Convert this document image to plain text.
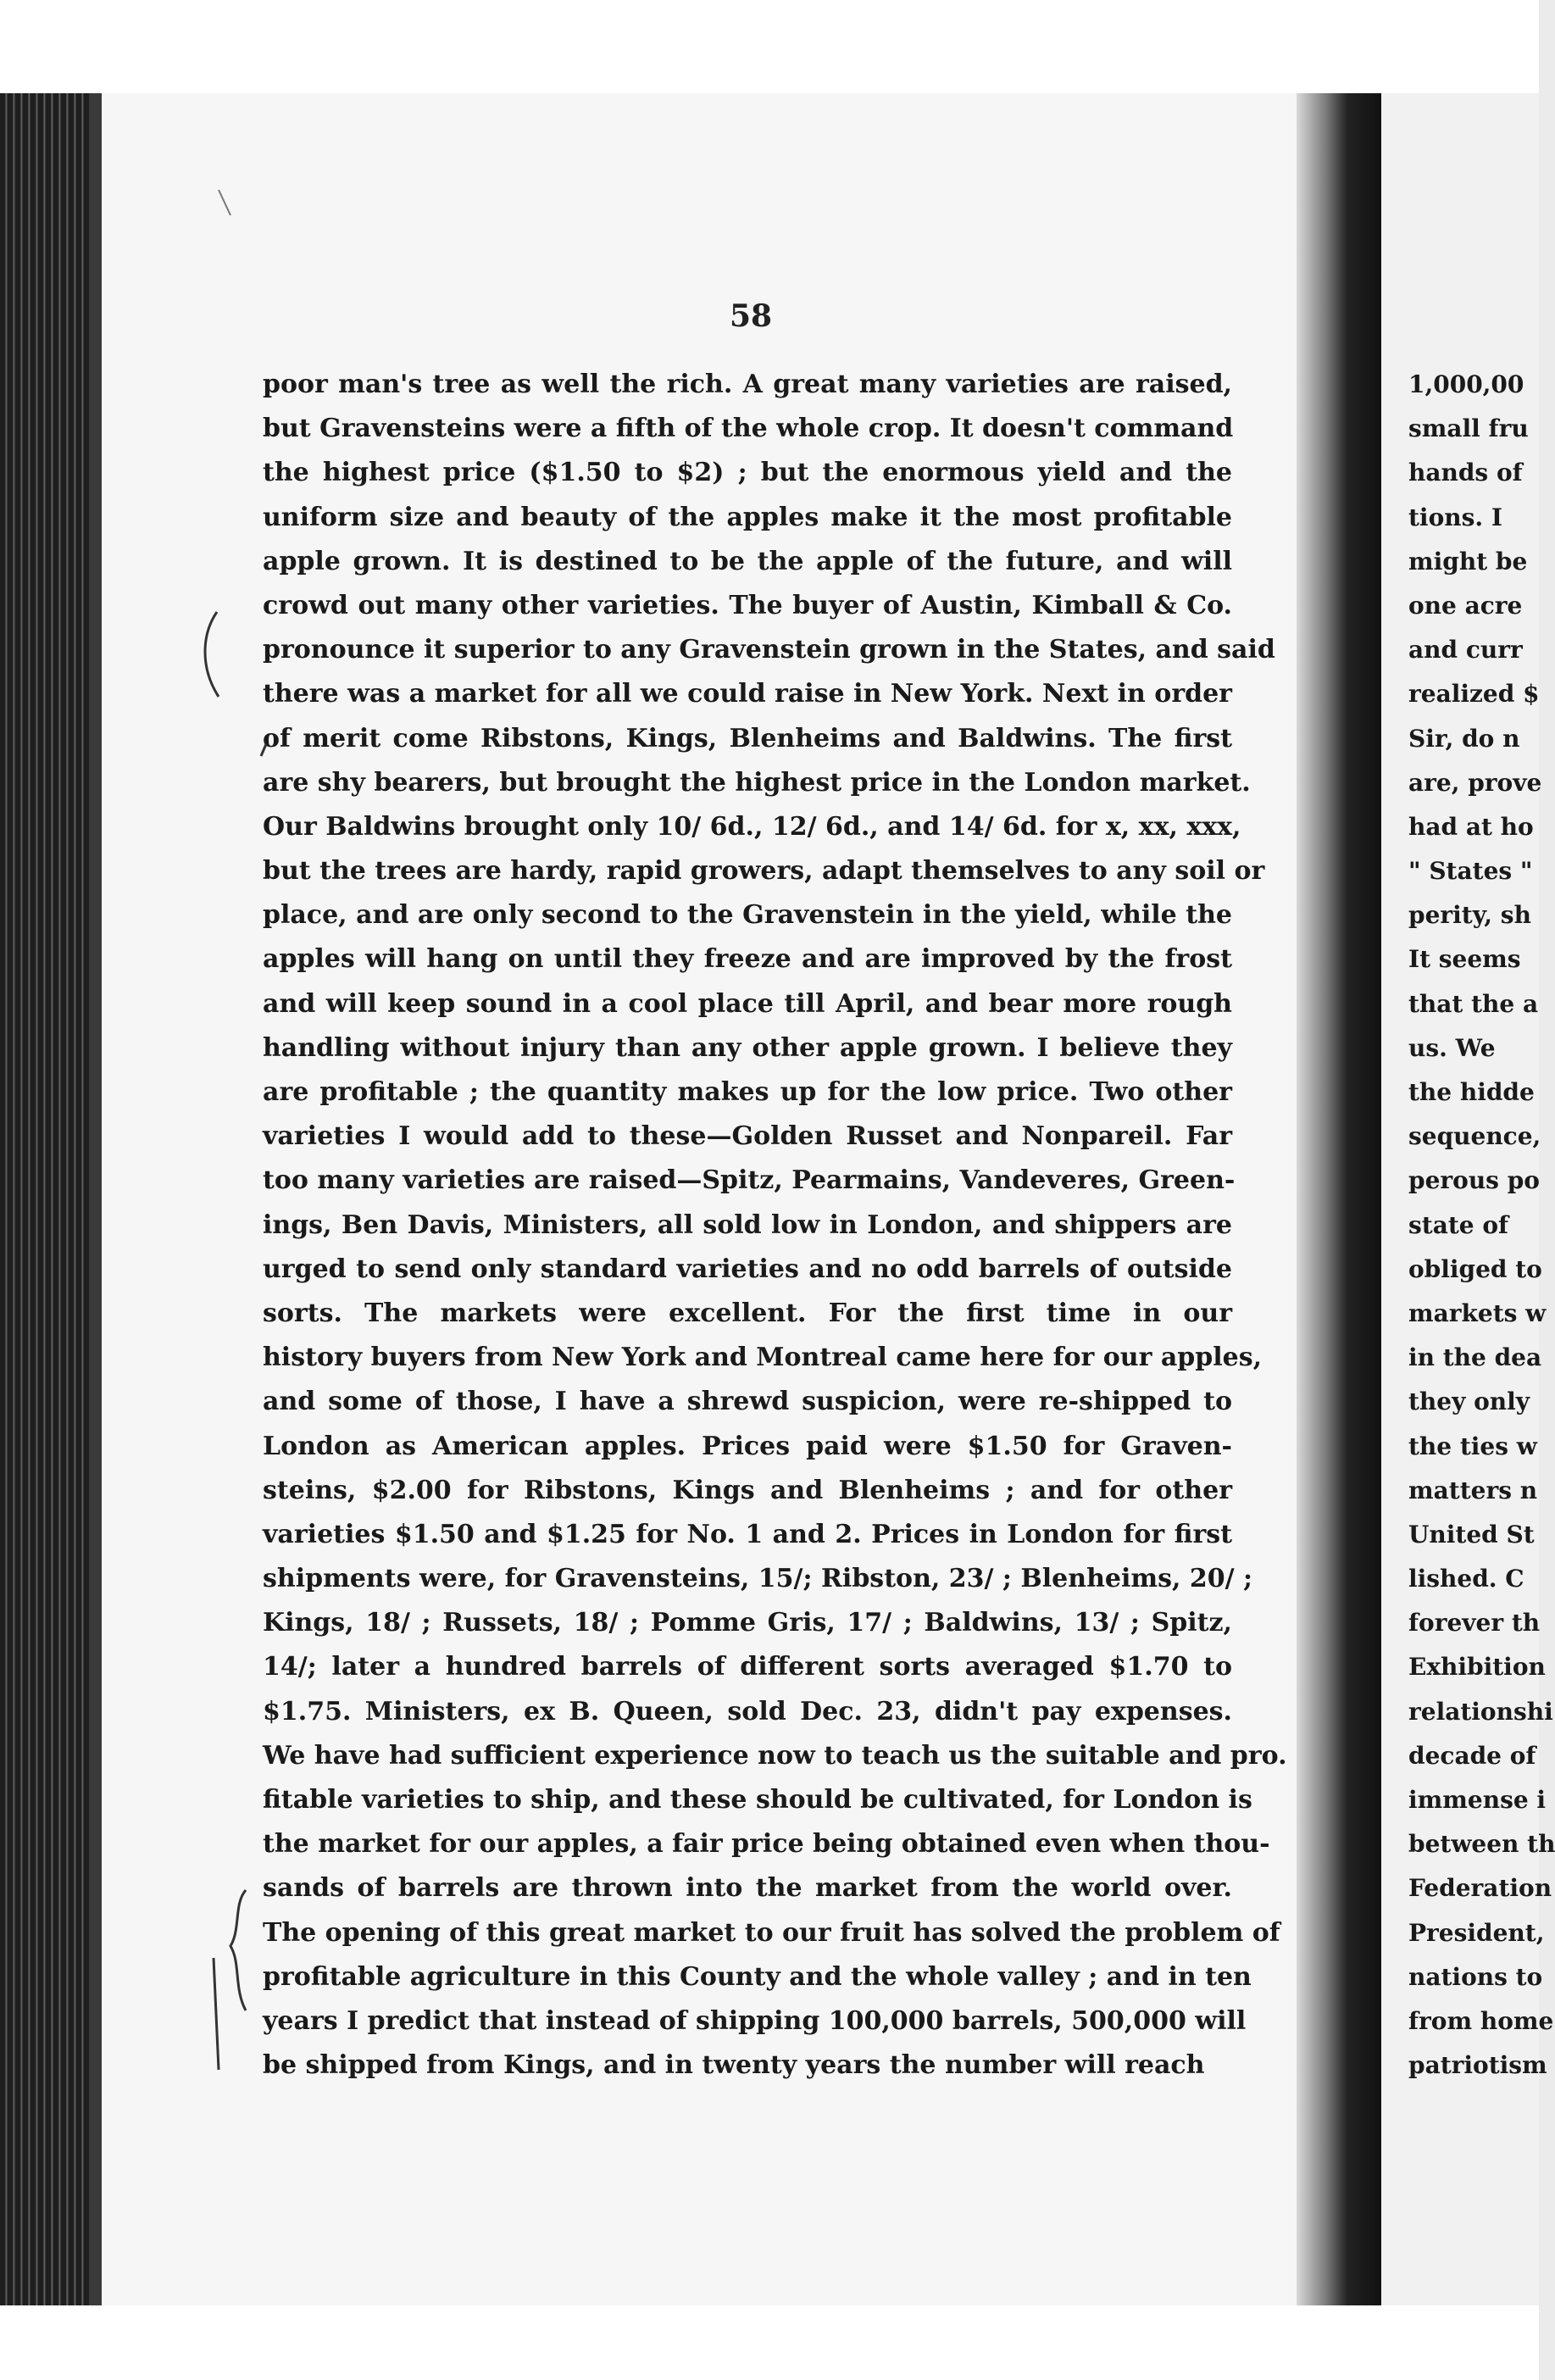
58
poor man's tree as well the rich. A great many varieties are raised,
but Gravensteins were a fifth of the whole crop. It doesn't command
the highest price ($1.50 to $2) ; but the enormous yield and the
uniform size and beauty of the apples make it the most profitable
apple grown. It is destined to be the apple of the future, and will
crowd out many other varieties. The buyer of Austin, Kimball & Co.
pronounce it superior to any Gravenstein grown in the States, and said
there was a market for all we could raise in New York. Next in order
of merit come Ribstons, Kings, Blenheims and Baldwins. The first
are shy bearers, but brought the highest price in the London market.
Our Baldwins brought only 10/ 6d., 12/ 6d., and 14/ 6d. for x, xx, xxx,
but the trees are hardy, rapid growers, adapt themselves to any soil or
place, and are only second to the Gravenstein in the yield, while the
apples will hang on until they freeze and are improved by the frost
and will keep sound in a cool place till April, and bear more rough
handling without injury than any other apple grown. I believe they
are profitable ; the quantity makes up for the low price. Two other
varieties I would add to these—Golden Russet and Nonpareil. Far
too many varieties are raised—Spitz, Pearmains, Vandeveres, Green-
ings, Ben Davis, Ministers, all sold low in London, and shippers are
urged to send only standard varieties and no odd barrels of outside
sorts. The markets were excellent. For the first time in our
history buyers from New York and Montreal came here for our apples,
and some of those, I have a shrewd suspicion, were re-shipped to
London as American apples. Prices paid were $1.50 for Graven-
steins, $2.00 for Ribstons, Kings and Blenheims ; and for other
varieties $1.50 and $1.25 for No. 1 and 2. Prices in London for first
shipments were, for Gravensteins, 15/; Ribston, 23/ ; Blenheims, 20/ ;
Kings, 18/ ; Russets, 18/ ; Pomme Gris, 17/ ; Baldwins, 13/ ; Spitz,
14/; later a hundred barrels of different sorts averaged $1.70 to
$1.75. Ministers, ex B. Queen, sold Dec. 23, didn't pay expenses.
We have had sufficient experience now to teach us the suitable and pro.
fitable varieties to ship, and these should be cultivated, for London is
the market for our apples, a fair price being obtained even when thou-
sands of barrels are thrown into the market from the world over.
The opening of this great market to our fruit has solved the problem of
profitable agriculture in this County and the whole valley ; and in ten
years I predict that instead of shipping 100,000 barrels, 500,000 will
be shipped from Kings, and in twenty years the number will reach
1,000,00
small fru
hands of
tions. I
might be
one acre
and curr
realized $
Sir, do n
are, prove
had at ho
" States "
perity, sh
It seems
that the a
us. We
the hidde
sequence,
perous po
state of
obliged to
markets w
in the dea
they only
the ties w
matters n
United St
lished. C
forever th
Exhibition
relationshi
decade of
immense i
between th
Federation
President,
nations to
from home
patriotism
